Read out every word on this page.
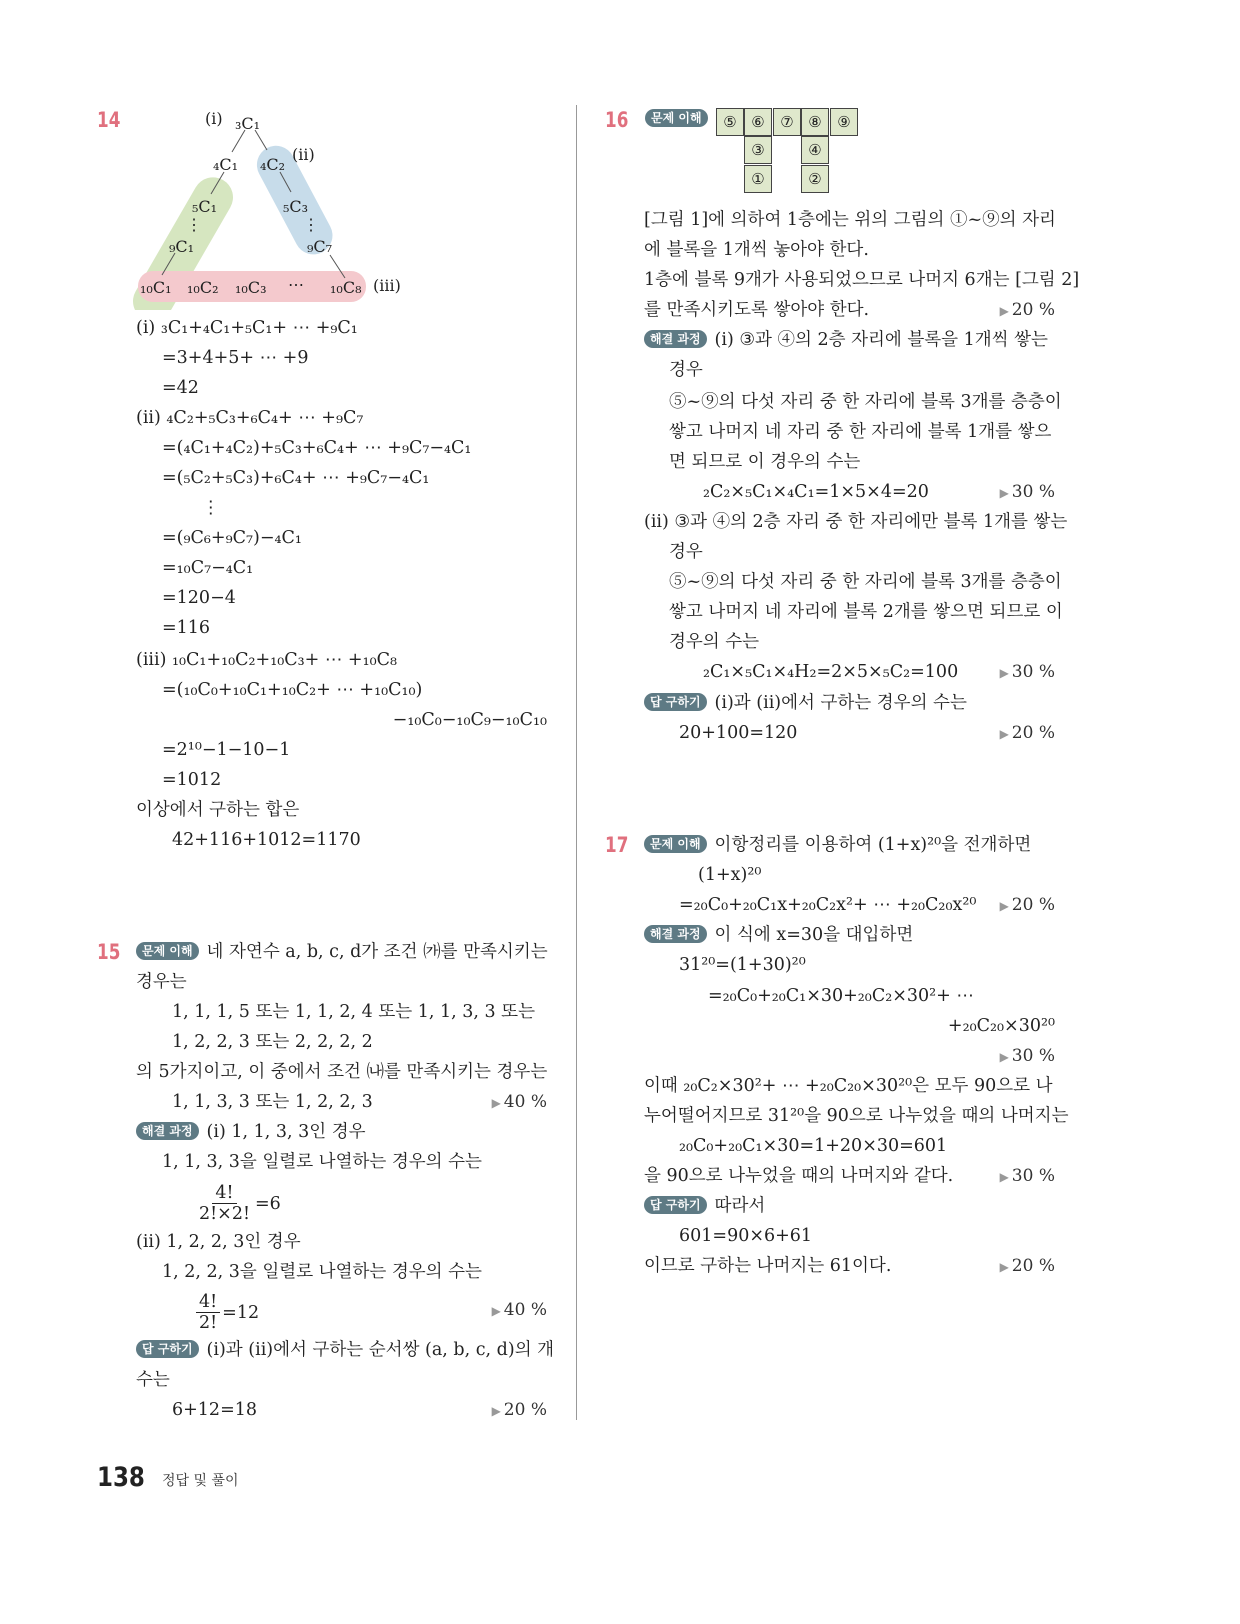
14	(i)
(ii)
(iii)
₃C₁
₄C₁
₅C₁
⋮
₉C₁
₄C₂
₅C₃
⋮
₉C₇
₁₀C₁ ₁₀C₂ ₁₀C₃ ⋯ ₁₀C₈
(i) ₃C₁+₄C₁+₅C₁+ ⋯ +₉C₁
=3+4+5+ ⋯ +9
=42
(ii) ₄C₂+₅C₃+₆C₄+ ⋯ +₉C₇
=(₄C₁+₄C₂)+₅C₃+₆C₄+ ⋯ +₉C₇−₄C₁
=(₅C₂+₅C₃)+₆C₄+ ⋯ +₉C₇−₄C₁
⋮
=(₉C₆+₉C₇)−₄C₁
=₁₀C₇−₄C₁
=120−4
=116
(iii) ₁₀C₁+₁₀C₂+₁₀C₃+ ⋯ +₁₀C₈
=(₁₀C₀+₁₀C₁+₁₀C₂+ ⋯ +₁₀C₁₀)
−₁₀C₀−₁₀C₉−₁₀C₁₀
=2¹⁰−1−10−1
=1012
이상에서 구하는 합은
42+116+1012=1170
15	문제 이해 네 자연수 a, b, c, d가 조건 ㈎를 만족시키는
경우는
1, 1, 1, 5 또는 1, 1, 2, 4 또는 1, 1, 3, 3 또는
1, 2, 2, 3 또는 2, 2, 2, 2
의 5가지이고, 이 중에서 조건 ㈏를 만족시키는 경우는
1, 1, 3, 3 또는 1, 2, 2, 3	▶ 40 %
해결 과정 (i) 1, 1, 3, 3인 경우
1, 1, 3, 3을 일렬로 나열하는 경우의 수는
$\frac{4!}{2!\times 2!} =6$
(ii) 1, 2, 2, 3인 경우
1, 2, 2, 3을 일렬로 나열하는 경우의 수는
$\frac{4!}{2!} =12$	▶ 40 %
답 구하기 (i)과 (ii)에서 구하는 순서쌍 (a, b, c, d)의 개
수는
6+12=18	▶ 20 %
16	문제 이해	⑤ ⑥	⑦ ⑧	⑨
③
①
④
②
[그림 1]에 의하여 1층에는 위의 그림의 ①~⑨의 자리
에 블록을 1개씩 놓아야 한다.
1층에 블록 9개가 사용되었으므로 나머지 6개는 [그림 2]
를 만족시키도록 쌓아야 한다.	▶ 20 %
해결 과정 (i) ③과 ④의 2층 자리에 블록을 1개씩 쌓는
경우
⑤~⑨의 다섯 자리 중 한 자리에 블록 3개를 층층이
쌓고 나머지 네 자리 중 한 자리에 블록 1개를 쌓으
면 되므로 이 경우의 수는
₂C₂×₅C₁×₄C₁=1×5×4=20	▶ 30 %
(ii) ③과 ④의 2층 자리 중 한 자리에만 블록 1개를 쌓는
경우
⑤~⑨의 다섯 자리 중 한 자리에 블록 3개를 층층이
쌓고 나머지 네 자리에 블록 2개를 쌓으면 되므로 이
경우의 수는
₂C₁×₅C₁×₄H₂=2×5×₅C₂=100	▶ 30 %
답 구하기 (i)과 (ii)에서 구하는 경우의 수는
20+100=120	▶ 20 %
17	문제 이해 이항정리를 이용하여 (1+x)²⁰을 전개하면
(1+x)²⁰
=₂₀C₀+₂₀C₁x+₂₀C₂x²+ ⋯ +₂₀C₂₀x²⁰ ▶ 20 %
해결 과정 이 식에 x=30을 대입하면
31²⁰=(1+30)²⁰
=₂₀C₀+₂₀C₁×30+₂₀C₂×30²+ ⋯
+₂₀C₂₀×30²⁰
▶ 30 %
이때 ₂₀C₂×30²+ ⋯ +₂₀C₂₀×30²⁰은 모두 90으로 나
누어떨어지므로 31²⁰을 90으로 나누었을 때의 나머지는
₂₀C₀+₂₀C₁×30=1+20×30=601
을 90으로 나누었을 때의 나머지와 같다.	▶ 30 %
답 구하기 따라서
601=90×6+61
이므로 구하는 나머지는 61이다.	▶ 20 %
138 정답 및 풀이
